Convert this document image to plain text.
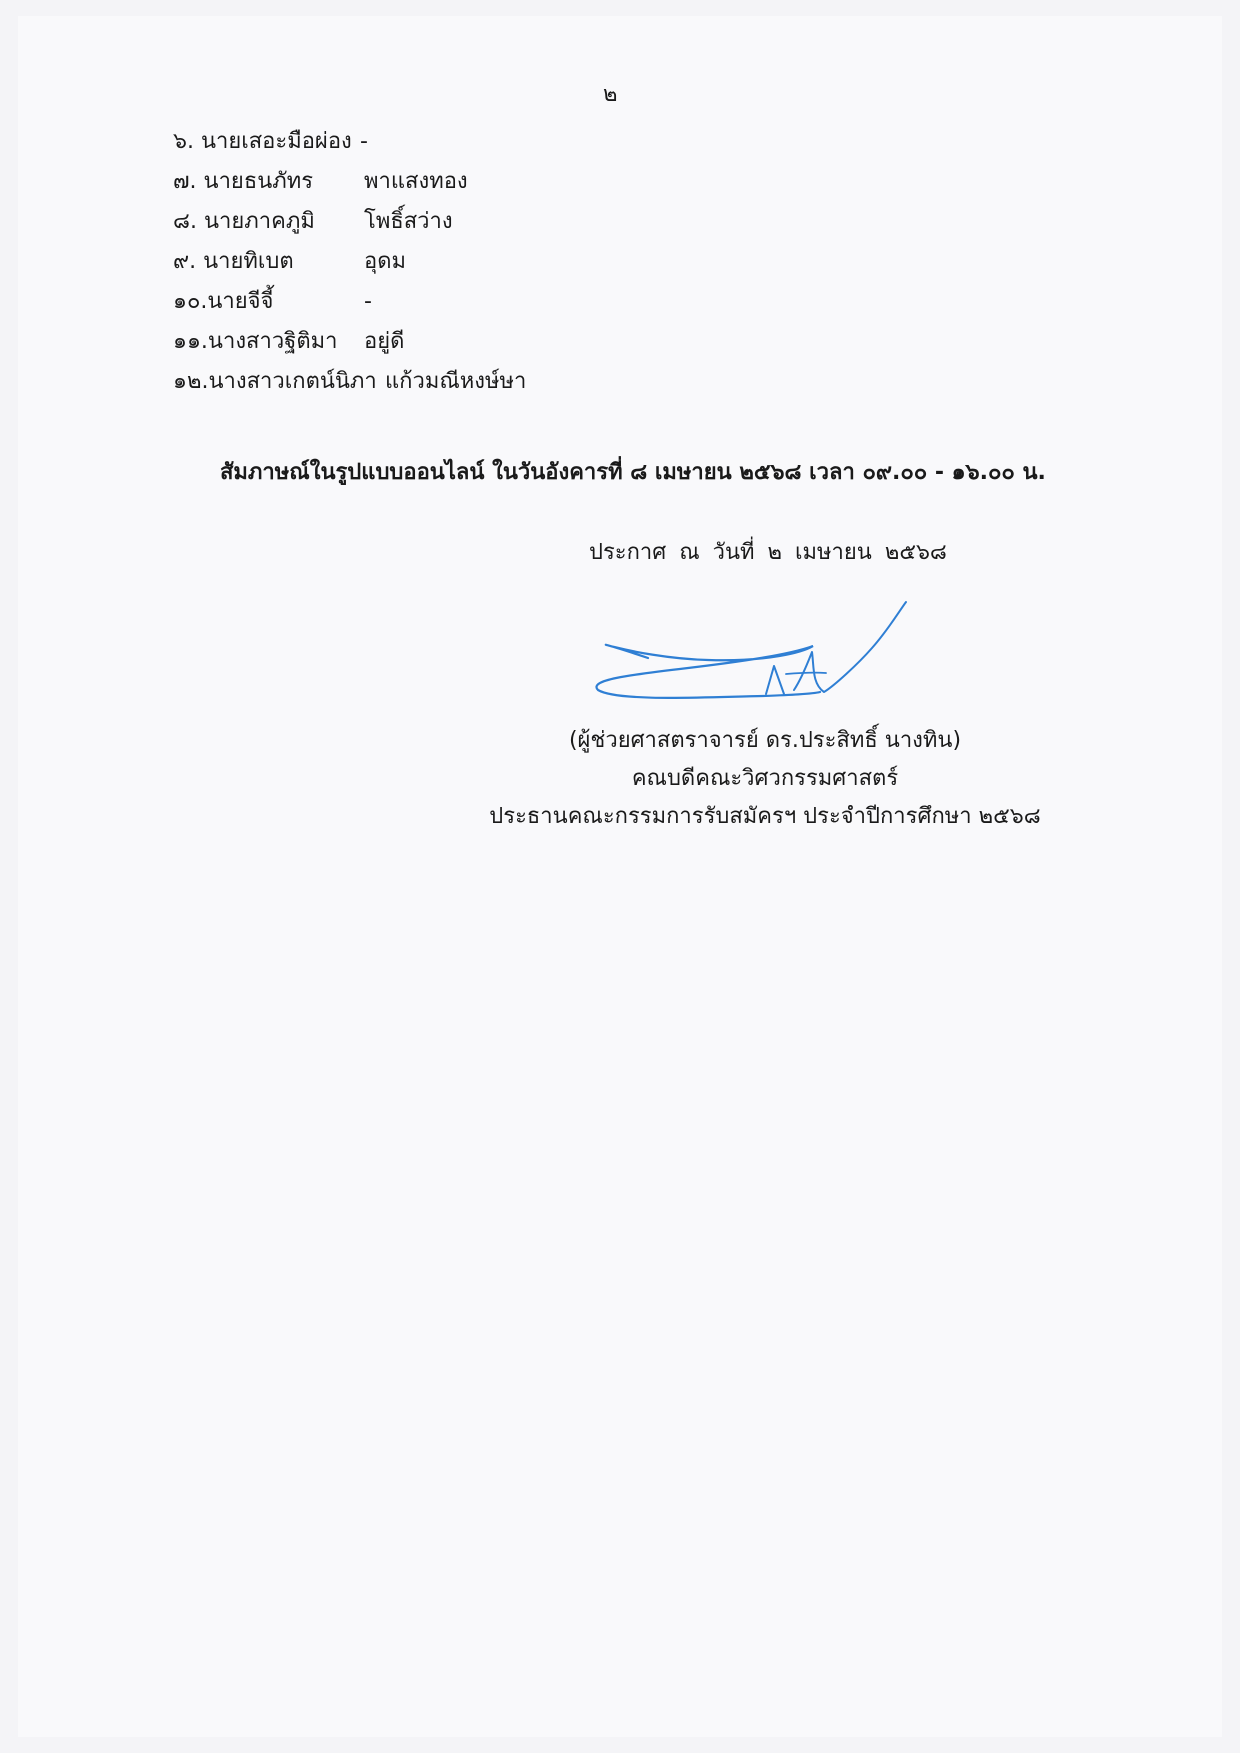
๒
๖. นายเสอะมือผ่อง -
๗. นายธนภัทร พาแสงทอง
๘. นายภาคภูมิ โพธิ์สว่าง
๙. นายทิเบต	อุดม
๑๐.นายจีจี้	-
๑๑.นางสาวฐิติมา อยู่ดี
๑๒.นางสาวเกตน์นิภา แก้วมณีหงษ์ษา
สัมภาษณ์ในรูปแบบออนไลน์ ในวันอังคารที่ ๘ เมษายน ๒๕๖๘ เวลา ๐๙.๐๐ - ๑๖.๐๐ น.
ประกาศ ณ วันที่ ๒ เมษายน ๒๕๖๘
(ผู้ช่วยศาสตราจารย์ ดร.ประสิทธิ์ นางทิน)
คณบดีคณะวิศวกรรมศาสตร์
ประธานคณะกรรมการรับสมัครฯ ประจำปีการศึกษา ๒๕๖๘
